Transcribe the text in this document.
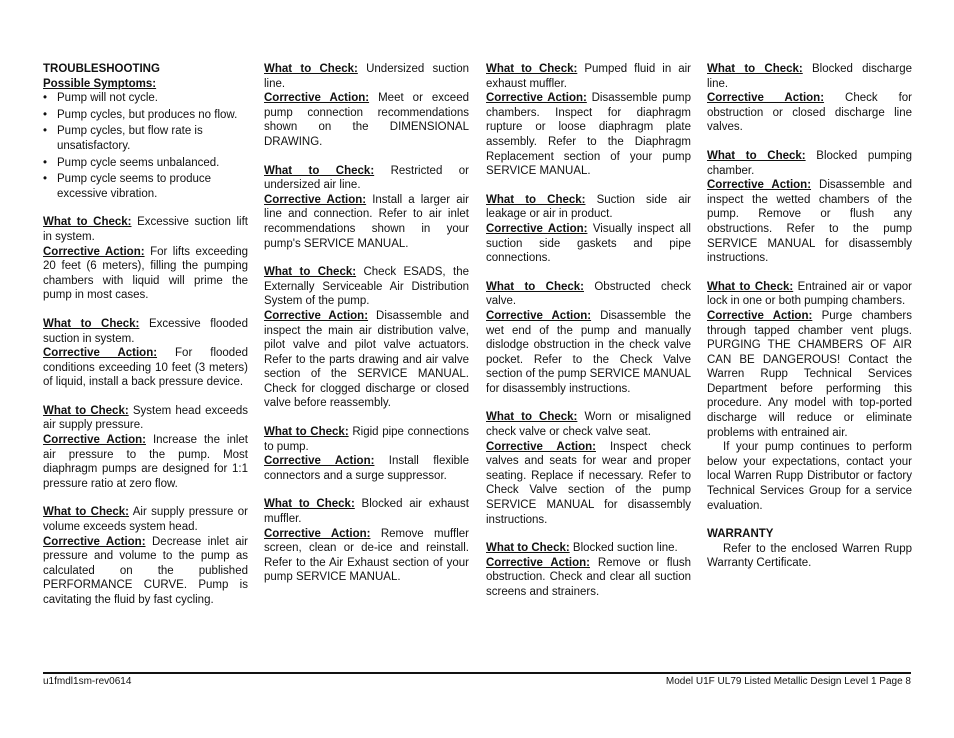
TROUBLESHOOTING
Possible Symptoms:
• Pump will not cycle.
• Pump cycles, but produces no flow.
• Pump cycles, but flow rate is unsatisfactory.
• Pump cycle seems unbalanced.
• Pump cycle seems to produce excessive vibration.
What to Check: Excessive suction lift in system.
Corrective Action: For lifts exceeding 20 feet (6 meters), filling the pumping chambers with liquid will prime the pump in most cases.
What to Check: Excessive flooded suction in system.
Corrective Action: For flooded conditions exceeding 10 feet (3 meters) of liquid, install a back pressure device.
What to Check: System head exceeds air supply pressure.
Corrective Action: Increase the inlet air pressure to the pump. Most diaphragm pumps are designed for 1:1 pressure ratio at zero flow.
What to Check: Air supply pressure or volume exceeds system head.
Corrective Action: Decrease inlet air pressure and volume to the pump as calculated on the published PERFORMANCE CURVE. Pump is cavitating the fluid by fast cycling.
What to Check: Undersized suction line.
Corrective Action: Meet or exceed pump connection recommendations shown on the DIMENSIONAL DRAWING.
What to Check: Restricted or undersized air line.
Corrective Action: Install a larger air line and connection. Refer to air inlet recommendations shown in your pump's SERVICE MANUAL.
What to Check: Check ESADS, the Externally Serviceable Air Distribution System of the pump.
Corrective Action: Disassemble and inspect the main air distribution valve, pilot valve and pilot valve actuators. Refer to the parts drawing and air valve section of the SERVICE MANUAL. Check for clogged discharge or closed valve before reassembly.
What to Check: Rigid pipe connections to pump.
Corrective Action: Install flexible connectors and a surge suppressor.
What to Check: Blocked air exhaust muffler.
Corrective Action: Remove muffler screen, clean or de-ice and reinstall. Refer to the Air Exhaust section of your pump SERVICE MANUAL.
What to Check: Pumped fluid in air exhaust muffler.
Corrective Action: Disassemble pump chambers. Inspect for diaphragm rupture or loose diaphragm plate assembly. Refer to the Diaphragm Replacement section of your pump SERVICE MANUAL.
What to Check: Suction side air leakage or air in product.
Corrective Action: Visually inspect all suction side gaskets and pipe connections.
What to Check: Obstructed check valve.
Corrective Action: Disassemble the wet end of the pump and manually dislodge obstruction in the check valve pocket. Refer to the Check Valve section of the pump SERVICE MANUAL for disassembly instructions.
What to Check: Worn or misaligned check valve or check valve seat.
Corrective Action: Inspect check valves and seats for wear and proper seating. Replace if necessary. Refer to Check Valve section of the pump SERVICE MANUAL for disassembly instructions.
What to Check: Blocked suction line.
Corrective Action: Remove or flush obstruction. Check and clear all suction screens and strainers.
What to Check: Blocked discharge line.
Corrective Action: Check for obstruction or closed discharge line valves.
What to Check: Blocked pumping chamber.
Corrective Action: Disassemble and inspect the wetted chambers of the pump. Remove or flush any obstructions. Refer to the pump SERVICE MANUAL for disassembly instructions.
What to Check: Entrained air or vapor lock in one or both pumping chambers.
Corrective Action: Purge chambers through tapped chamber vent plugs. PURGING THE CHAMBERS OF AIR CAN BE DANGEROUS! Contact the Warren Rupp Technical Services Department before performing this procedure. Any model with top-ported discharge will reduce or eliminate problems with entrained air.
If your pump continues to perform below your expectations, contact your local Warren Rupp Distributor or factory Technical Services Group for a service evaluation.
WARRANTY
Refer to the enclosed Warren Rupp Warranty Certificate.
u1fmdl1sm-rev0614	Model U1F UL79 Listed Metallic Design Level 1 Page 8
